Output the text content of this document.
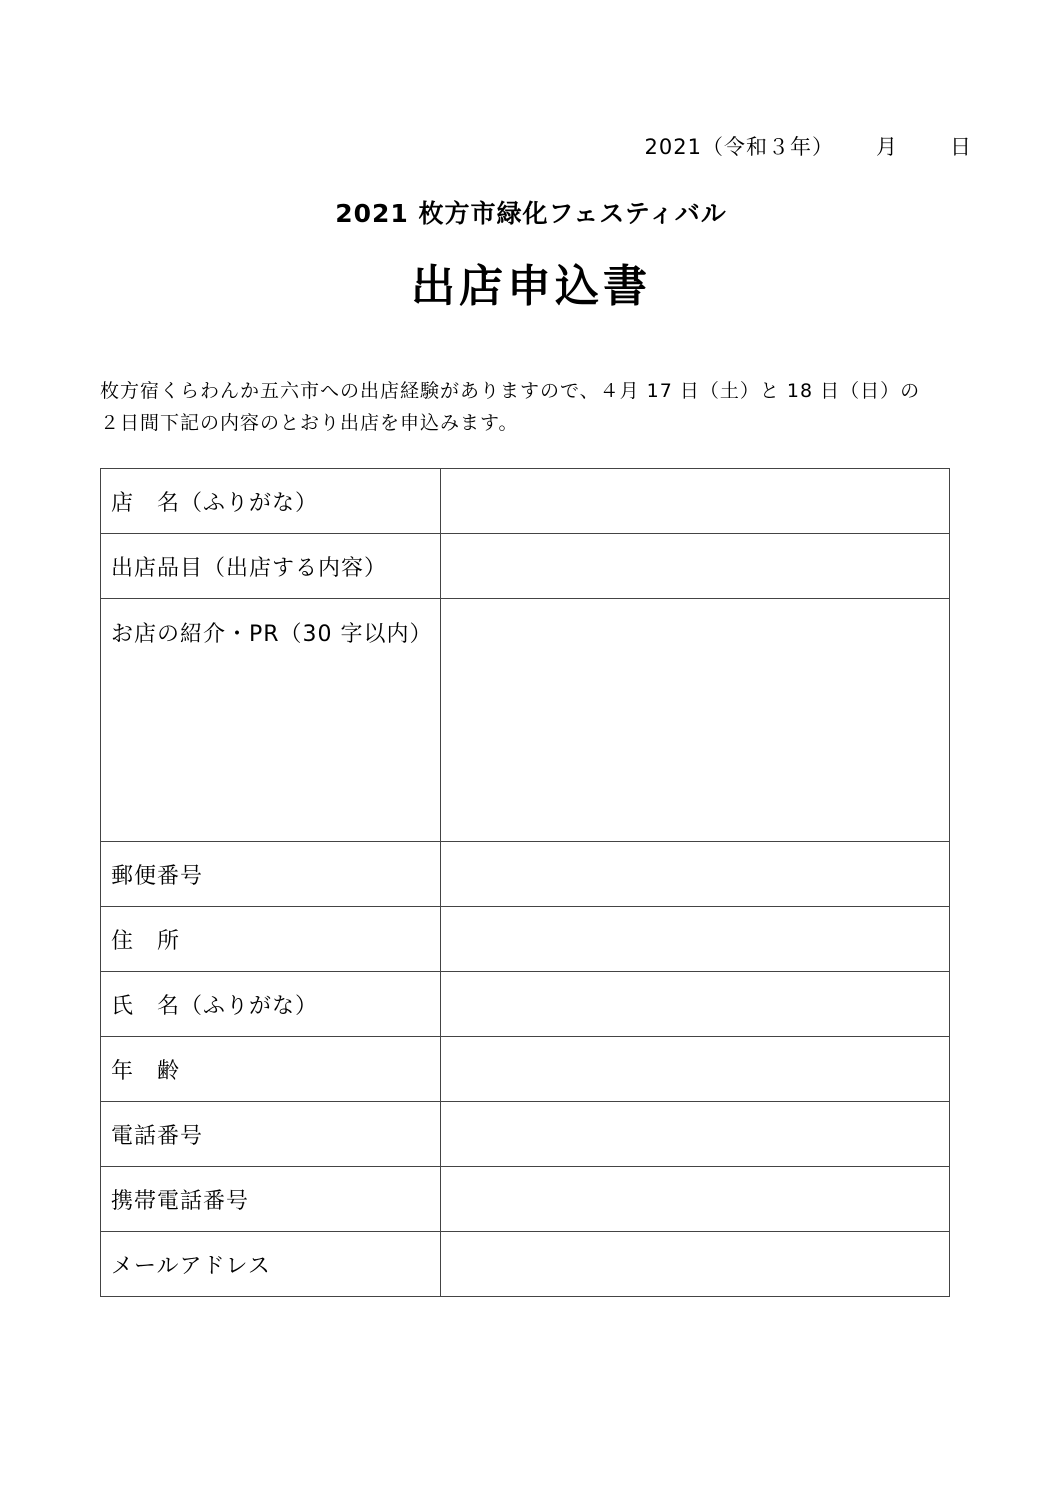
2021（令和３年） 月 日
2021 枚方市緑化フェスティバル
出店申込書

枚方宿くらわんか五六市への出店経験がありますので、４月 17 日（土）と 18 日（日）の

２日間下記の内容のとおり出店を申込みます。

店　名（ふりがな）	
出店品目（出店する内容）	
お店の紹介・PR（30 字以内）	
郵便番号	
住　所	
氏　名（ふりがな）	
年　齢	
電話番号	
携帯電話番号	
メールアドレス	
